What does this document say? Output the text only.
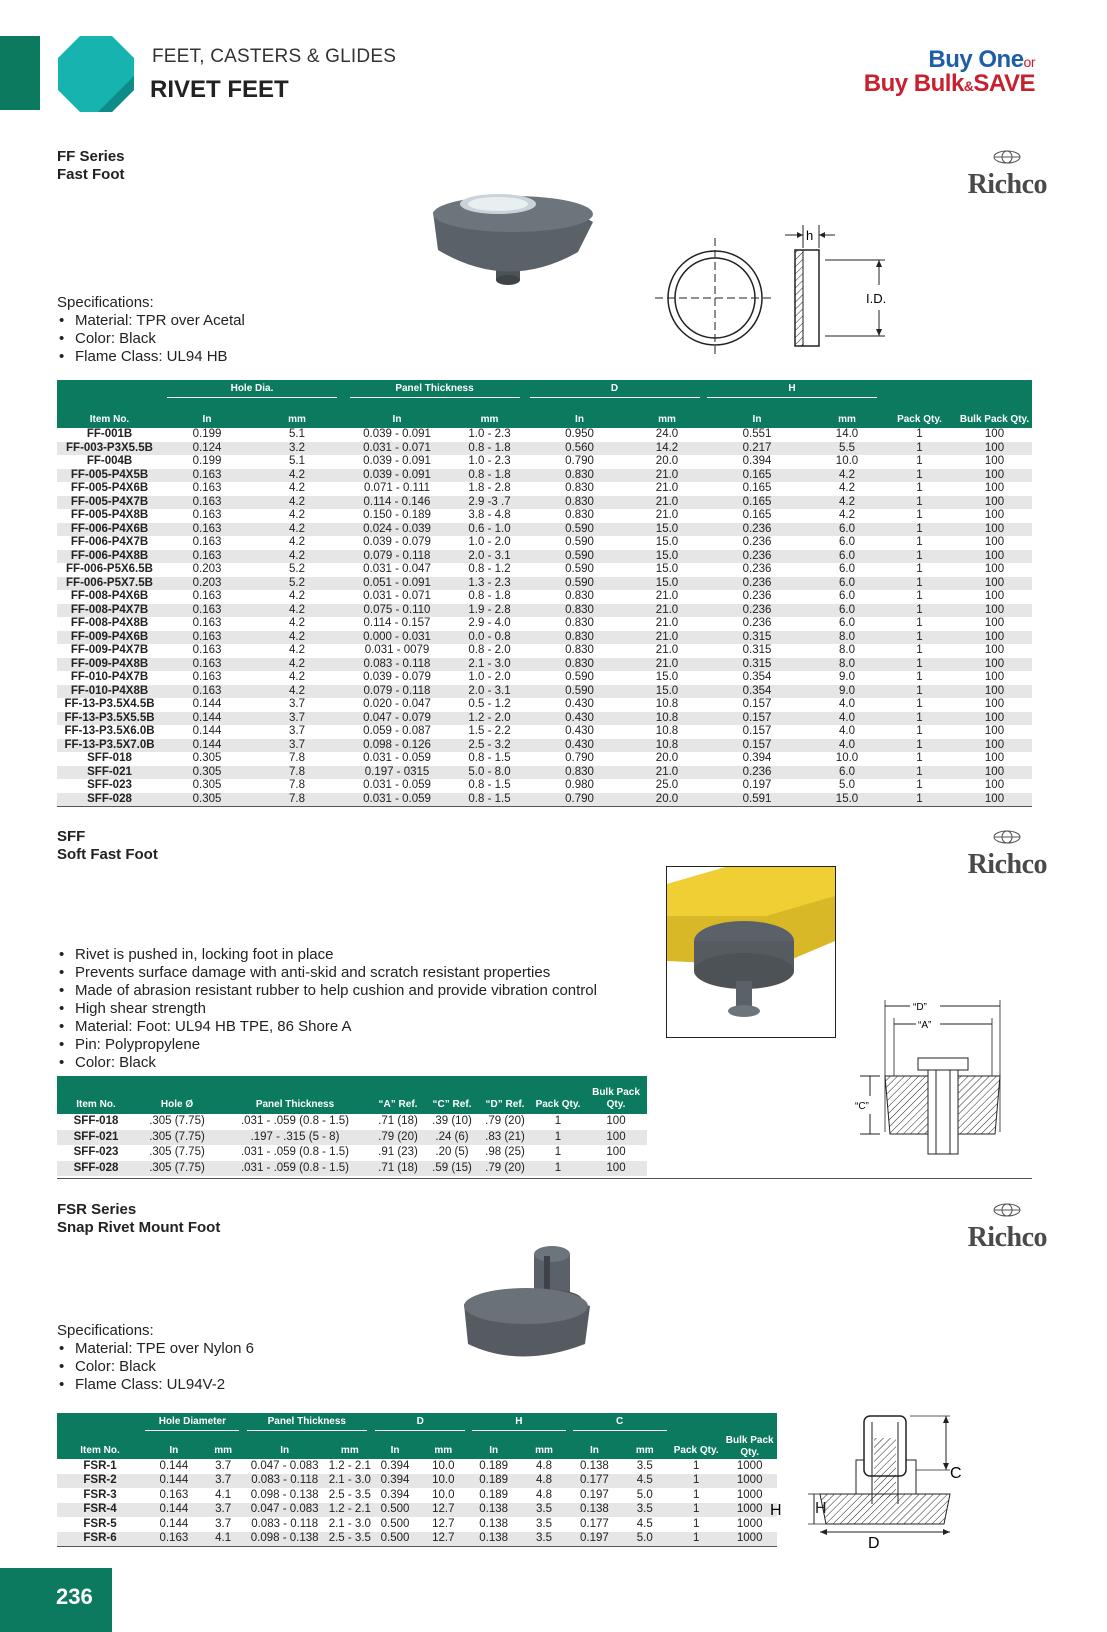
FEET, CASTERS & GLIDES
RIVET FEET
Buy Oneor
Buy Bulk&SAVE
FF Series
Fast Foot	Richco
h
I.D.
Specifications:
• Material: TPR over Acetal
• Color: Black
• Flame Class: UL94 HB
	Hole Dia.		Panel Thickness		D		H			
Item No.	In	mm	In	mm	In	mm	In	mm	Pack Qty.	Bulk Pack Qty.
FF-001B	0.199	5.1	0.039 - 0.091	1.0 - 2.3	0.950	24.0	0.551	14.0	1	100
FF-003-P3X5.5B	0.124	3.2	0.031 - 0.071	0.8 - 1.8	0.560	14.2	0.217	5.5	1	100
FF-004B	0.199	5.1	0.039 - 0.091	1.0 - 2.3	0.790	20.0	0.394	10.0	1	100
FF-005-P4X5B	0.163	4.2	0.039 - 0.091	0.8 - 1.8	0.830	21.0	0.165	4.2	1	100
FF-005-P4X6B	0.163	4.2	0.071 - 0.111	1.8 - 2.8	0.830	21.0	0.165	4.2	1	100
FF-005-P4X7B	0.163	4.2	0.114 - 0.146	2.9 -3 .7	0.830	21.0	0.165	4.2	1	100
FF-005-P4X8B	0.163	4.2	0.150 - 0.189	3.8 - 4.8	0.830	21.0	0.165	4.2	1	100
FF-006-P4X6B	0.163	4.2	0.024 - 0.039	0.6 - 1.0	0.590	15.0	0.236	6.0	1	100
FF-006-P4X7B	0.163	4.2	0.039 - 0.079	1.0 - 2.0	0.590	15.0	0.236	6.0	1	100
FF-006-P4X8B	0.163	4.2	0.079 - 0.118	2.0 - 3.1	0.590	15.0	0.236	6.0	1	100
FF-006-P5X6.5B	0.203	5.2	0.031 - 0.047	0.8 - 1.2	0.590	15.0	0.236	6.0	1	100
FF-006-P5X7.5B	0.203	5.2	0.051 - 0.091	1.3 - 2.3	0.590	15.0	0.236	6.0	1	100
FF-008-P4X6B	0.163	4.2	0.031 - 0.071	0.8 - 1.8	0.830	21.0	0.236	6.0	1	100
FF-008-P4X7B	0.163	4.2	0.075 - 0.110	1.9 - 2.8	0.830	21.0	0.236	6.0	1	100
FF-008-P4X8B	0.163	4.2	0.114 - 0.157	2.9 - 4.0	0.830	21.0	0.236	6.0	1	100
FF-009-P4X6B	0.163	4.2	0.000 - 0.031	0.0 - 0.8	0.830	21.0	0.315	8.0	1	100
FF-009-P4X7B	0.163	4.2	0.031 - 0079	0.8 - 2.0	0.830	21.0	0.315	8.0	1	100
FF-009-P4X8B	0.163	4.2	0.083 - 0.118	2.1 - 3.0	0.830	21.0	0.315	8.0	1	100
FF-010-P4X7B	0.163	4.2	0.039 - 0.079	1.0 - 2.0	0.590	15.0	0.354	9.0	1	100
FF-010-P4X8B	0.163	4.2	0.079 - 0.118	2.0 - 3.1	0.590	15.0	0.354	9.0	1	100
FF-13-P3.5X4.5B	0.144	3.7	0.020 - 0.047	0.5 - 1.2	0.430	10.8	0.157	4.0	1	100
FF-13-P3.5X5.5B	0.144	3.7	0.047 - 0.079	1.2 - 2.0	0.430	10.8	0.157	4.0	1	100
FF-13-P3.5X6.0B	0.144	3.7	0.059 - 0.087	1.5 - 2.2	0.430	10.8	0.157	4.0	1	100
FF-13-P3.5X7.0B	0.144	3.7	0.098 - 0.126	2.5 - 3.2	0.430	10.8	0.157	4.0	1	100
SFF-018	0.305	7.8	0.031 - 0.059	0.8 - 1.5	0.790	20.0	0.394	10.0	1	100
SFF-021	0.305	7.8	0.197 - 0315	5.0 - 8.0	0.830	21.0	0.236	6.0	1	100
SFF-023	0.305	7.8	0.031 - 0.059	0.8 - 1.5	0.980	25.0	0.197	5.0	1	100
SFF-028	0.305	7.8	0.031 - 0.059	0.8 - 1.5	0.790	20.0	0.591	15.0	1	100
SFF
Soft Fast Foot	Richco
• Rivet is pushed in, locking foot in place
• Prevents surface damage with anti-skid and scratch resistant properties
• Made of abrasion resistant rubber to help cushion and provide vibration control
• High shear strength
• Material: Foot: UL94 HB TPE, 86 Shore A
• Pin: Polypropylene
• Color: Black
“D”
“A”
“C”
Item No.	Hole Ø	Panel Thickness	“A” Ref.	“C” Ref.	“D” Ref.	Pack Qty.	Bulk Pack Qty.
SFF-018	.305 (7.75)	.031 - .059 (0.8 - 1.5)	.71 (18)	.39 (10)	.79 (20)	1	100
SFF-021	.305 (7.75)	.197 - .315 (5 - 8)	.79 (20)	.24 (6)	.83 (21)	1	100
SFF-023	.305 (7.75)	.031 - .059 (0.8 - 1.5)	.91 (23)	.20 (5)	.98 (25)	1	100
SFF-028	.305 (7.75)	.031 - .059 (0.8 - 1.5)	.71 (18)	.59 (15)	.79 (20)	1	100
FSR Series
Snap Rivet Mount Foot	Richco
Specifications:
• Material: TPE over Nylon 6
• Color: Black
• Flame Class: UL94V-2
	Hole Diameter		Panel Thickness		D		H		C			Bulk Pack Qty.
Item No.	In	mm	In	mm	In	mm	In	mm	In	mm	Pack Qty.	
FSR-1	0.144	3.7	0.047 - 0.083	1.2 - 2.1	0.394	10.0	0.189	4.8	0.138	3.5	1	1000
FSR-2	0.144	3.7	0.083 - 0.118	2.1 - 3.0	0.394	10.0	0.189	4.8	0.177	4.5	1	1000
FSR-3	0.163	4.1	0.098 - 0.138	2.5 - 3.5	0.394	10.0	0.189	4.8	0.197	5.0	1	1000
FSR-4	0.144	3.7	0.047 - 0.083	1.2 - 2.1	0.500	12.7	0.138	3.5	0.138	3.5	1	1000
FSR-5	0.144	3.7	0.083 - 0.118	2.1 - 3.0	0.500	12.7	0.138	3.5	0.177	4.5	1	1000
FSR-6	0.163	4.1	0.098 - 0.138	2.5 - 3.5	0.500	12.7	0.138	3.5	0.197	5.0	1	1000
C
H
D
H
236
